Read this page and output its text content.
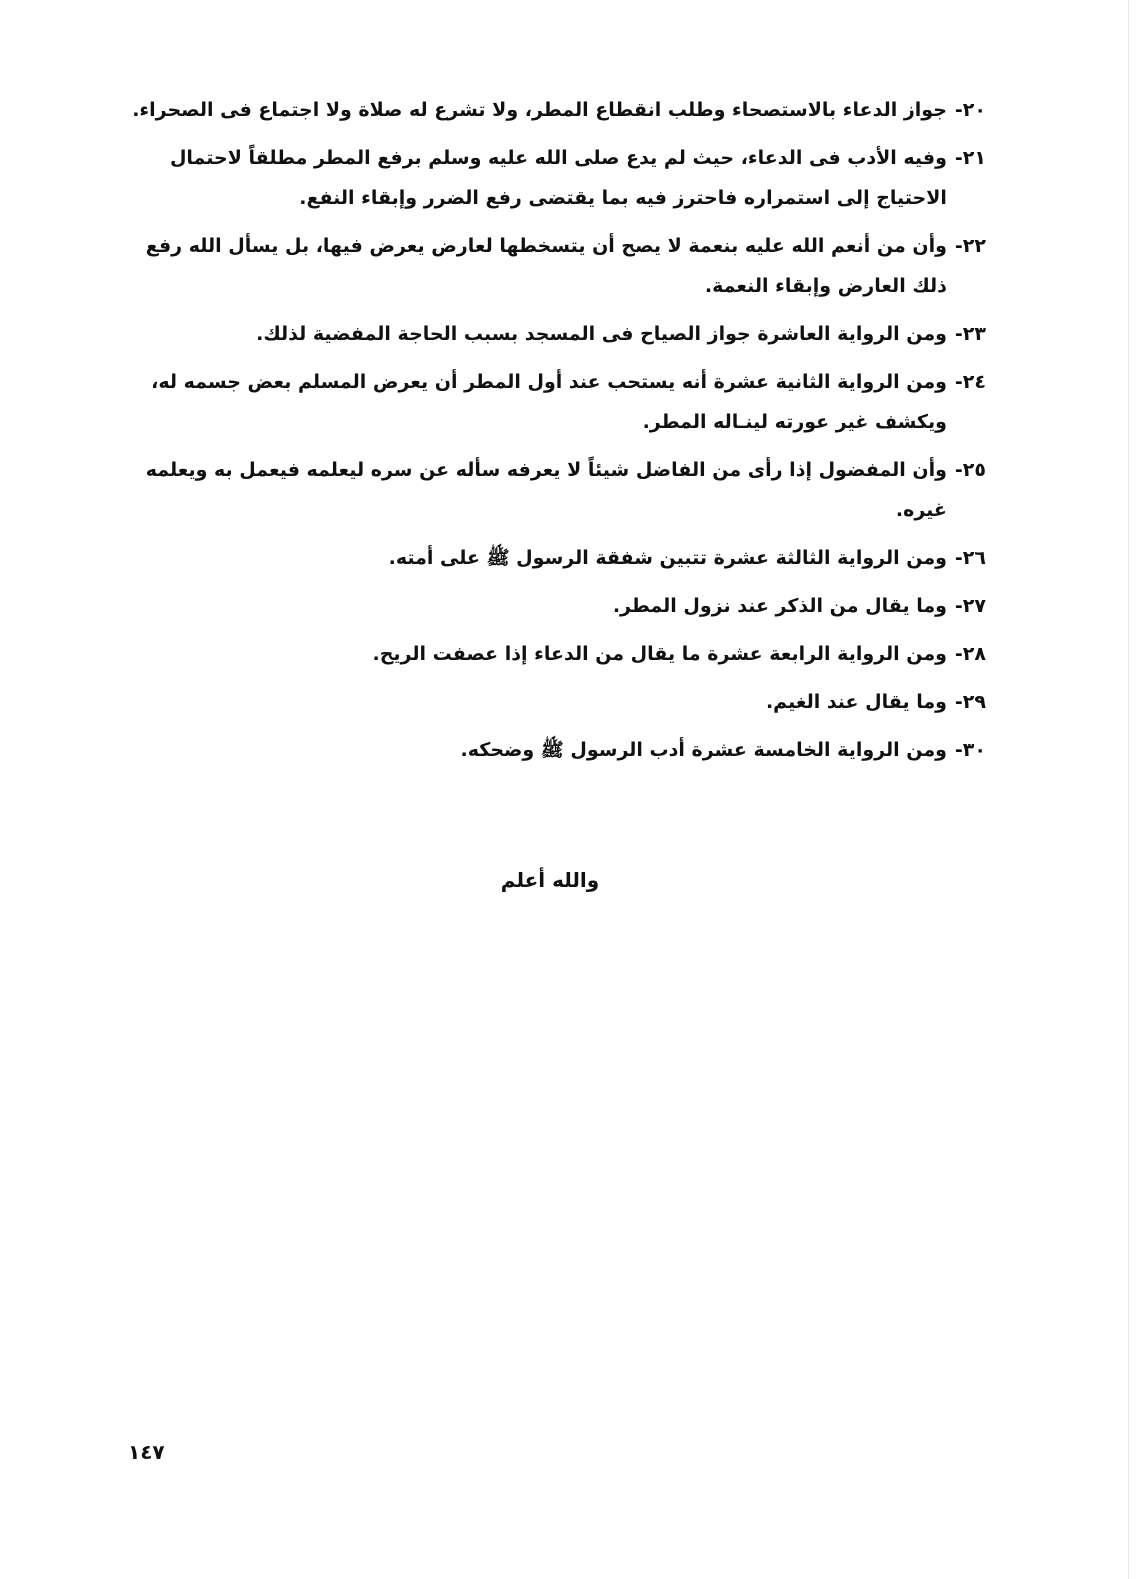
٢٠-
جواز الدعاء بالاستصحاء وطلب انقطاع المطر، ولا تشرع له صلاة ولا اجتماع فى الصحراء.
٢١-
وفيه الأدب فى الدعاء، حيث لم يدع صلى الله عليه وسلم برفع المطر مطلقاً لاحتمال الاحتياج إلى استمراره فاحترز فيه بما يقتضى رفع الضرر وإبقاء النفع.
٢٢-
وأن من أنعم الله عليه بنعمة لا يصح أن يتسخطها لعارض يعرض فيها، بل يسأل الله رفع ذلك العارض وإبقاء النعمة.
٢٣-
ومن الرواية العاشرة جواز الصياح فى المسجد بسبب الحاجة المفضية لذلك.
٢٤-
ومن الرواية الثانية عشرة أنه يستحب عند أول المطر أن يعرض المسلم بعض جسمه له، ويكشف غير عورته لينـاله المطر.
٢٥-
وأن المفضول إذا رأى من الفاضل شيئاً لا يعرفه سأله عن سره ليعلمه فيعمل به ويعلمه غيره.
٢٦-
ومن الرواية الثالثة عشرة تتبين شفقة الرسول ﷺ على أمته.
٢٧-
وما يقال من الذكر عند نزول المطر.
٢٨-
ومن الرواية الرابعة عشرة ما يقال من الدعاء إذا عصفت الريح.
٢٩-
وما يقال عند الغيم.
٣٠-
ومن الرواية الخامسة عشرة أدب الرسول ﷺ وضحكه.
والله أعلم
١٤٧
